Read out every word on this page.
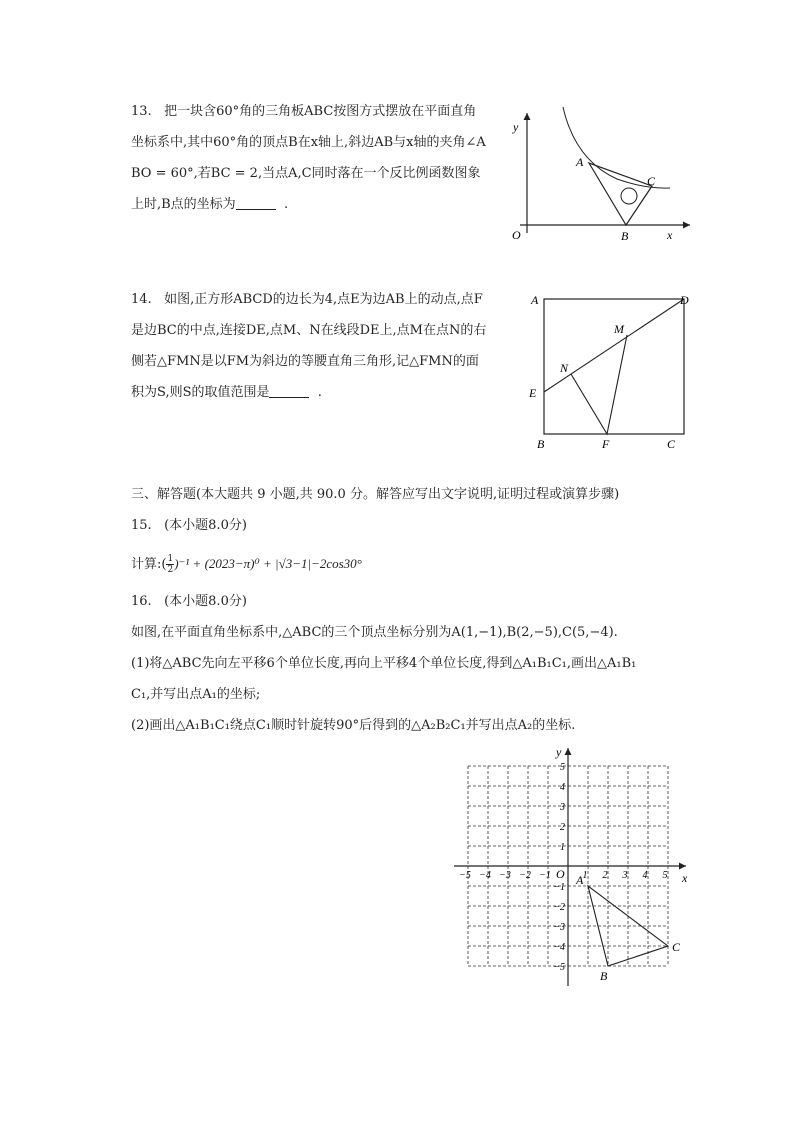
13. 把一块含60°角的三角板ABC按图方式摆放在平面直角
坐标系中,其中60°角的顶点B在x轴上,斜边AB与x轴的夹角∠A
BO = 60°,若BC = 2,当点A,C同时落在一个反比例函数图象
上时,B点的坐标为	.
y
x
O
A
B
C
14. 如图,正方形ABCD的边长为4,点E为边AB上的动点,点F
是边BC的中点,连接DE,点M、N在线段DE上,点M在点N的右
侧若△FMN是以FM为斜边的等腰直角三角形,记△FMN的面
积为S,则S的取值范围是	.
A	D
M
N
E
B	F	C
三、解答题(本大题共 9 小题,共 90.0 分。解答应写出文字说明,证明过程或演算步骤)
15. (本小题8.0分)
计算:( $\frac{1}{2} )^{-1} + (2023-\pi)^0 + |√3-1|-2\cos 30^\circ$
16. (本小题8.0分)
如图,在平面直角坐标系中,△ABC的三个顶点坐标分别为A(1,−1),B(2,−5),C(5,−4).
(1)将△ABC先向左平移6个单位长度,再向上平移4个单位长度,得到△A₁B₁C₁,画出△A₁B₁
C₁,并写出点A₁的坐标;
(2)画出△A₁B₁C₁绕点C₁顺时针旋转90°后得到的△A₂B₂C₁并写出点A₂的坐标.
−5 −4 −3 −2 −1	1 2 3 4 5
5
4
3
2
1
−1
−2
−3
−4
−5
x
y
O A
B
C
